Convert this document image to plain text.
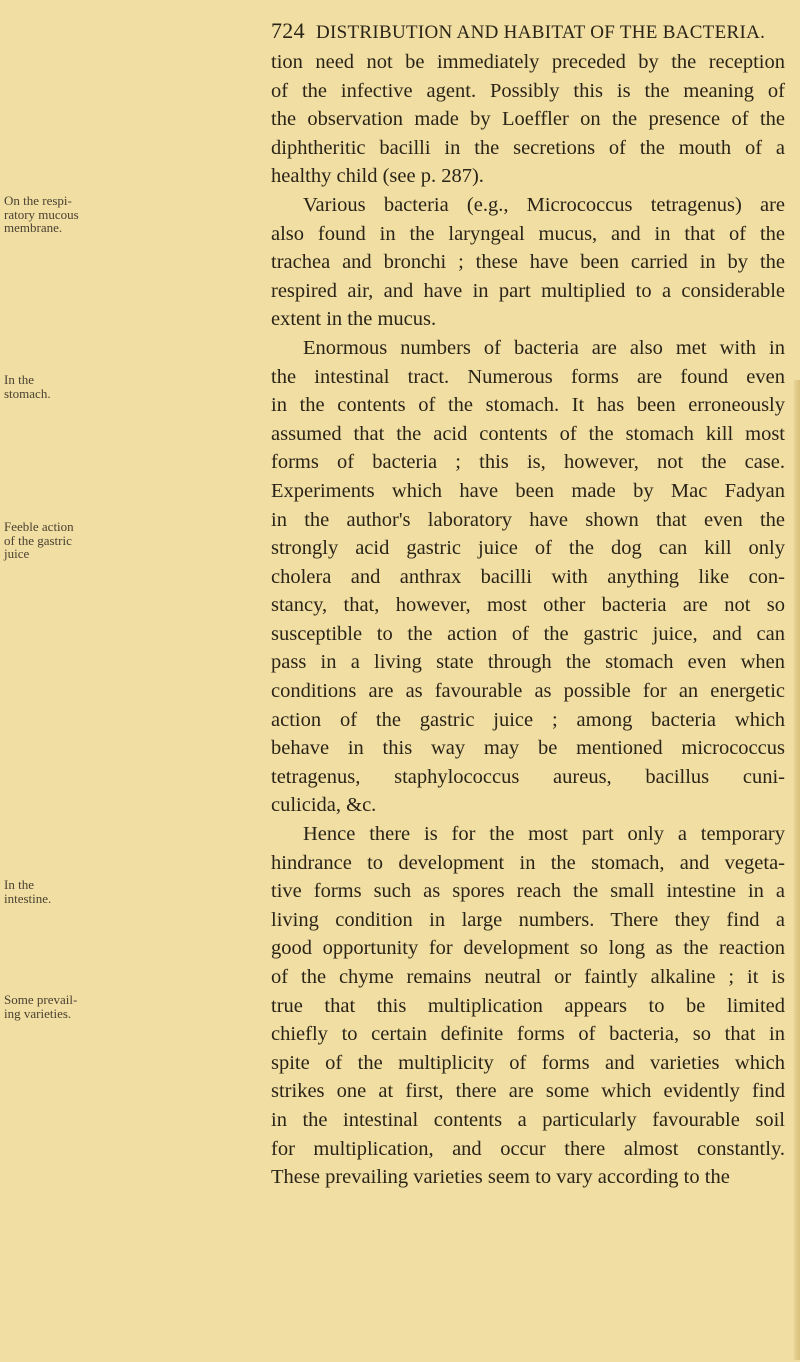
724 DISTRIBUTION AND HABITAT OF THE BACTERIA.
On the respi-
ratory mucous
membrane.
In the
stomach.
Feeble action
of the gastric
juice
In the
intestine.
Some prevail-
ing varieties.
tion need not be immediately preceded by the reception
of the infective agent. Possibly this is the meaning of
the observation made by Loeffler on the presence of the
diphtheritic bacilli in the secretions of the mouth of a
healthy child (see p. 287).
Various bacteria (e.g., Micrococcus tetragenus) are
also found in the laryngeal mucus, and in that of the
trachea and bronchi ; these have been carried in by the
respired air, and have in part multiplied to a considerable
extent in the mucus.
Enormous numbers of bacteria are also met with in
the intestinal tract. Numerous forms are found even
in the contents of the stomach. It has been erroneously
assumed that the acid contents of the stomach kill most
forms of bacteria ; this is, however, not the case.
Experiments which have been made by Mac Fadyan
in the author's laboratory have shown that even the
strongly acid gastric juice of the dog can kill only
cholera and anthrax bacilli with anything like con-
stancy, that, however, most other bacteria are not so
susceptible to the action of the gastric juice, and can
pass in a living state through the stomach even when
conditions are as favourable as possible for an energetic
action of the gastric juice ; among bacteria which
behave in this way may be mentioned micrococcus
tetragenus, staphylococcus aureus, bacillus cuni-
culicida, &c.
Hence there is for the most part only a temporary
hindrance to development in the stomach, and vegeta-
tive forms such as spores reach the small intestine in a
living condition in large numbers. There they find a
good opportunity for development so long as the reaction
of the chyme remains neutral or faintly alkaline ; it is
true that this multiplication appears to be limited
chiefly to certain definite forms of bacteria, so that in
spite of the multiplicity of forms and varieties which
strikes one at first, there are some which evidently find
in the intestinal contents a particularly favourable soil
for multiplication, and occur there almost constantly.
These prevailing varieties seem to vary according to the
